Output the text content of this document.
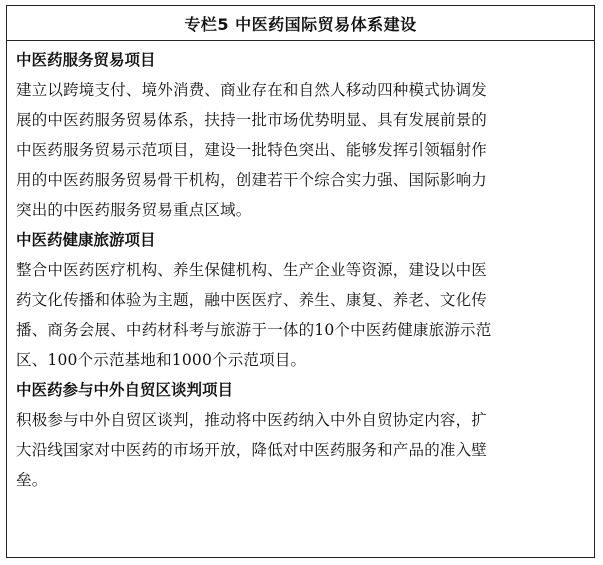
专栏5 中医药国际贸易体系建设
中医药服务贸易项目
建立以跨境支付、境外消费、商业存在和自然人移动四种模式协调发
展的中医药服务贸易体系，扶持一批市场优势明显、具有发展前景的
中医药服务贸易示范项目，建设一批特色突出、能够发挥引领辐射作
用的中医药服务贸易骨干机构，创建若干个综合实力强、国际影响力
突出的中医药服务贸易重点区域。
中医药健康旅游项目
整合中医药医疗机构、养生保健机构、生产企业等资源，建设以中医
药文化传播和体验为主题，融中医医疗、养生、康复、养老、文化传
播、商务会展、中药材科考与旅游于一体的10个中医药健康旅游示范
区、100个示范基地和1000个示范项目。
中医药参与中外自贸区谈判项目
积极参与中外自贸区谈判，推动将中医药纳入中外自贸协定内容，扩
大沿线国家对中医药的市场开放，降低对中医药服务和产品的准入壁
垒。
